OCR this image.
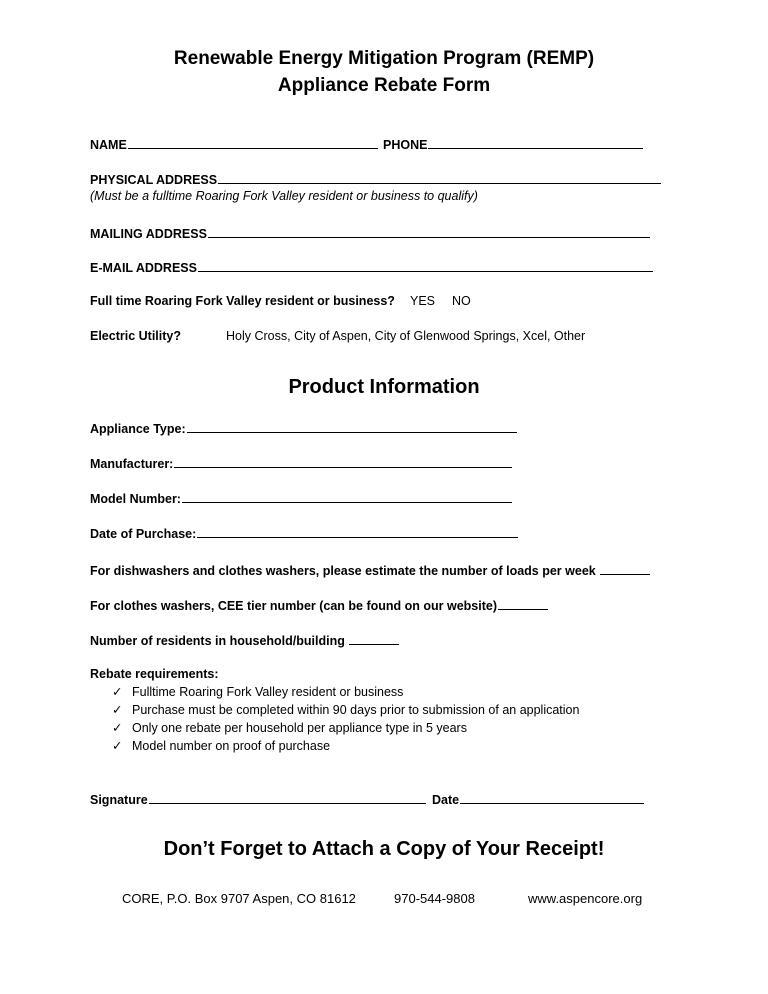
Renewable Energy Mitigation Program (REMP)
Appliance Rebate Form
NAME	PHONE
PHYSICAL ADDRESS
(Must be a fulltime Roaring Fork Valley resident or business to qualify)
MAILING ADDRESS
E-MAIL ADDRESS
Full time Roaring Fork Valley resident or business? YES NO
Electric Utility?	Holy Cross, City of Aspen, City of Glenwood Springs, Xcel, Other
Product Information
Appliance Type:
Manufacturer:
Model Number:
Date of Purchase:
For dishwashers and clothes washers, please estimate the number of loads per week
For clothes washers, CEE tier number (can be found on our website)
Number of residents in household/building
Rebate requirements:
✓ Fulltime Roaring Fork Valley resident or business
✓ Purchase must be completed within 90 days prior to submission of an application
✓ Only one rebate per household per appliance type in 5 years
✓ Model number on proof of purchase
Signature	Date
Don’t Forget to Attach a Copy of Your Receipt!
CORE, P.O. Box 9707 Aspen, CO 81612	970-544-9808	www.aspencore.org
